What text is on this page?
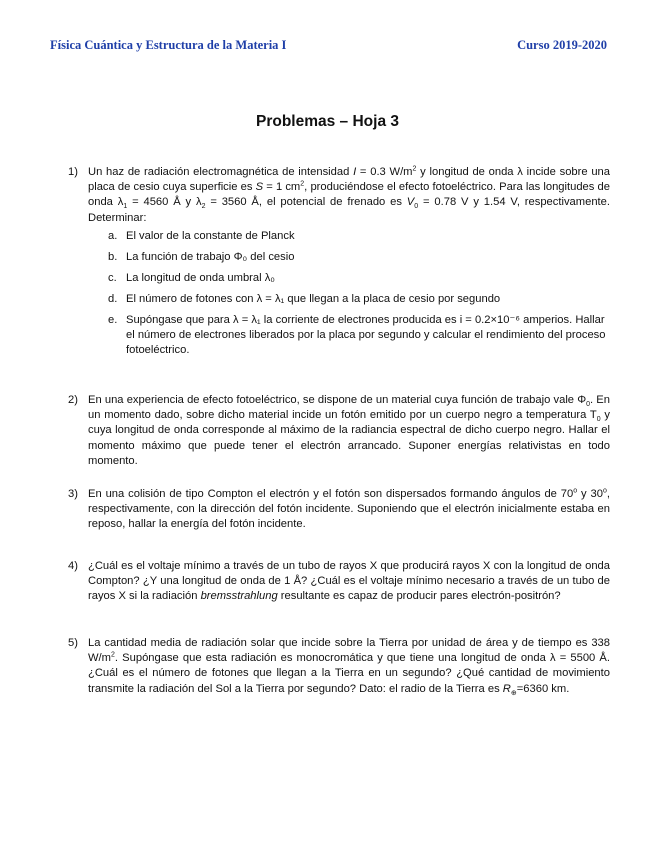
Física Cuántica y Estructura de la Materia I	Curso 2019-2020
Problemas – Hoja 3
1) Un haz de radiación electromagnética de intensidad I = 0.3 $W/m^2$ y longitud de onda λ incide sobre una placa de cesio cuya superficie es S = 1 $cm^2$, produciéndose el efecto fotoeléctrico. Para las longitudes de onda $\lambda_1 = 4560$ Å y $\lambda_2 = 3560$ Å, el potencial de frenado es $V_0 = 0.78$ V y 1.54 V, respectivamente. Determinar:
a. El valor de la constante de Planck
b. La función de trabajo Φ₀ del cesio
c. La longitud de onda umbral λ₀
d. El número de fotones con λ = λ₁ que llegan a la placa de cesio por segundo
e. Supóngase que para λ = λ₁ la corriente de electrones producida es i = 0.2×10⁻⁶ amperios. Hallar el número de electrones liberados por la placa por segundo y calcular el rendimiento del proceso fotoeléctrico.
2) En una experiencia de efecto fotoeléctrico, se dispone de un material cuya función de trabajo vale $\Phi_0$. En un momento dado, sobre dicho material incide un fotón emitido por un cuerpo negro a temperatura $T_0$ y cuya longitud de onda corresponde al máximo de la radiancia espectral de dicho cuerpo negro. Hallar el momento máximo que puede tener el electrón arrancado. Suponer energías relativistas en todo momento.
3) En una colisión de tipo Compton el electrón y el fotón son dispersados formando ángulos de 70$^o$ y 30$^o$, respectivamente, con la dirección del fotón incidente. Suponiendo que el electrón inicialmente estaba en reposo, hallar la energía del fotón incidente.
4) ¿Cuál es el voltaje mínimo a través de un tubo de rayos X que producirá rayos X con la longitud de onda Compton? ¿Y una longitud de onda de 1 Å? ¿Cuál es el voltaje mínimo necesario a través de un tubo de rayos X si la radiación bremsstrahlung resultante es capaz de producir pares electrón-positrón?
5) La cantidad media de radiación solar que incide sobre la Tierra por unidad de área y de tiempo es 338 $W/m^2$. Supóngase que esta radiación es monocromática y que tiene una longitud de onda λ = 5500 Å. ¿Cuál es el número de fotones que llegan a la Tierra en un segundo? ¿Qué cantidad de movimiento transmite la radiación del Sol a la Tierra por segundo? Dato: el radio de la Tierra es $R_\oplus=6360$ km.
